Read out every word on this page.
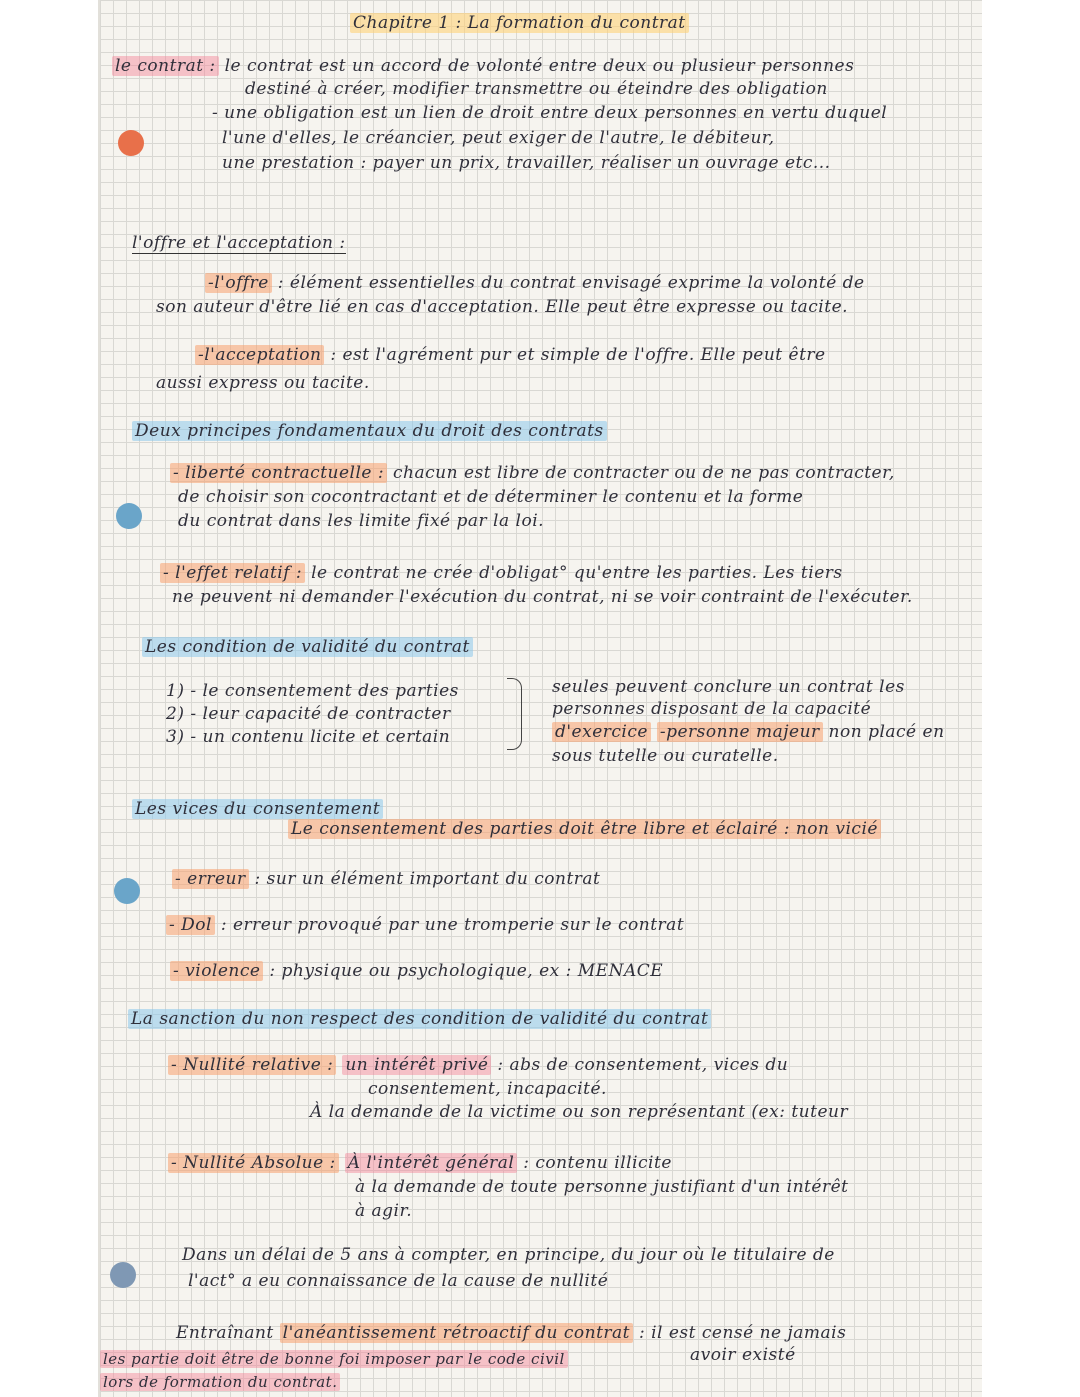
Chapitre 1 : La formation du contrat
le contrat : le contrat est un accord de volonté entre deux ou plusieur personnes
destiné à créer, modifier transmettre ou éteindre des obligation
- une obligation est un lien de droit entre deux personnes en vertu duquel
l'une d'elles, le créancier, peut exiger de l'autre, le débiteur,
une prestation : payer un prix, travailler, réaliser un ouvrage etc...
l'offre et l'acceptation :
-l'offre : élément essentielles du contrat envisagé exprime la volonté de
son auteur d'être lié en cas d'acceptation. Elle peut être expresse ou tacite.
-l'acceptation : est l'agrément pur et simple de l'offre. Elle peut être
aussi express ou tacite.
Deux principes fondamentaux du droit des contrats
- liberté contractuelle : chacun est libre de contracter ou de ne pas contracter,
de choisir son cocontractant et de déterminer le contenu et la forme
du contrat dans les limite fixé par la loi.
- l'effet relatif : le contrat ne crée d'obligat° qu'entre les parties. Les tiers
ne peuvent ni demander l'exécution du contrat, ni se voir contraint de l'exécuter.
Les condition de validité du contrat
1) - le consentement des parties
2) - leur capacité de contracter
3) - un contenu licite et certain
seules peuvent conclure un contrat les
personnes disposant de la capacité
d'exercice -personne majeur non placé en
sous tutelle ou curatelle.
Les vices du consentement
Le consentement des parties doit être libre et éclairé : non vicié
- erreur : sur un élément important du contrat
- Dol : erreur provoqué par une tromperie sur le contrat
- violence : physique ou psychologique, ex : MENACE
La sanction du non respect des condition de validité du contrat
- Nullité relative : un intérêt privé : abs de consentement, vices du
consentement, incapacité.
À la demande de la victime ou son représentant (ex: tuteur
- Nullité Absolue : À l'intérêt général : contenu illicite
à la demande de toute personne justifiant d'un intérêt
à agir.
Dans un délai de 5 ans à compter, en principe, du jour où le titulaire de
l'act° a eu connaissance de la cause de nullité
Entraînant l'anéantissement rétroactif du contrat : il est censé ne jamais
les partie doit être de bonne foi imposer par le code civil	avoir existé
lors de formation du contrat.
